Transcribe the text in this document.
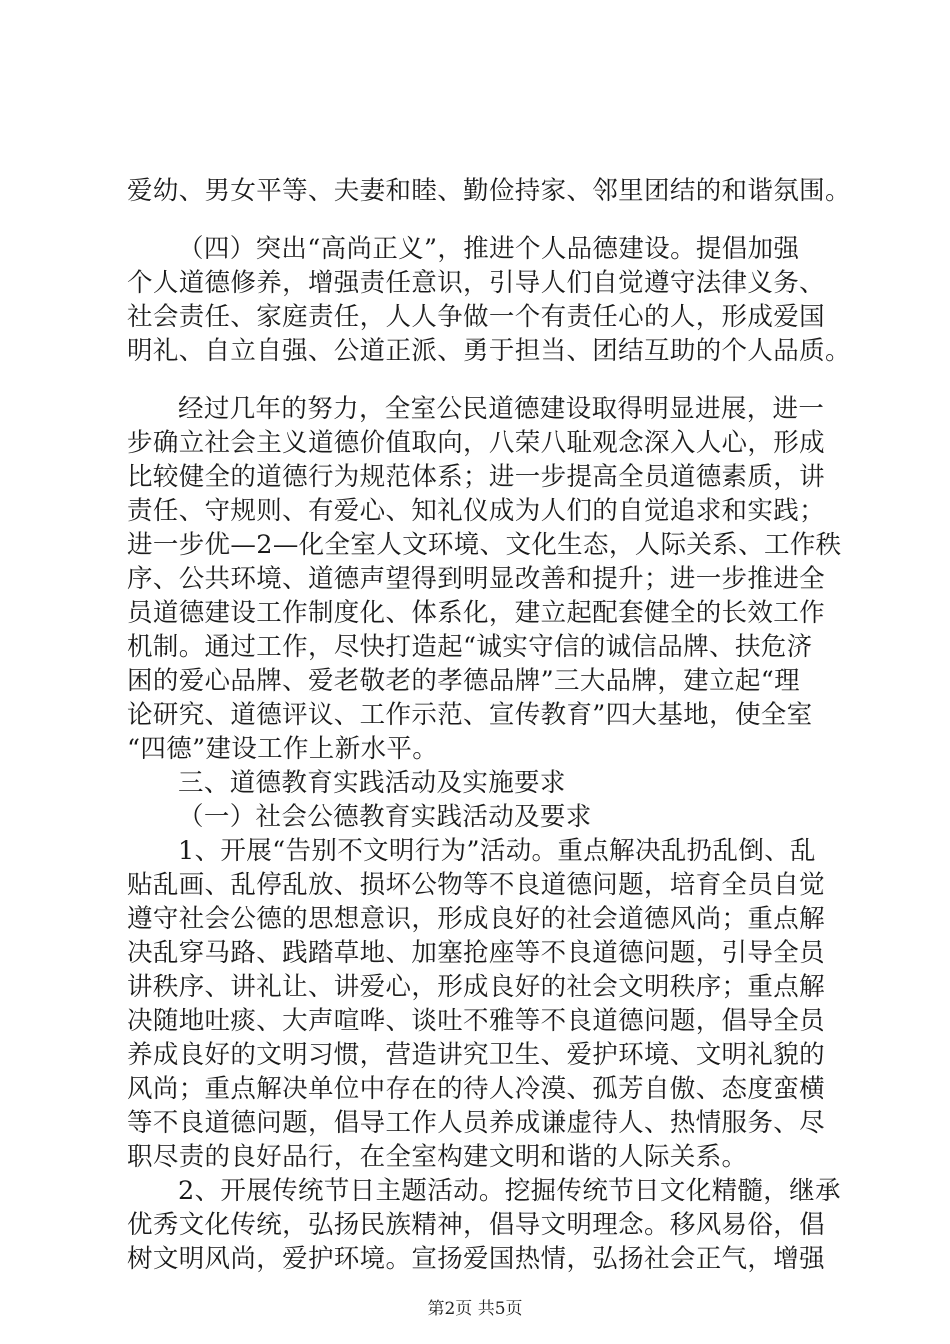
爱幼、男女平等、夫妻和睦、勤俭持家、邻里团结的和谐氛围。
（四）突出“高尚正义”，推进个人品德建设。提倡加强
个人道德修养，增强责任意识，引导人们自觉遵守法律义务、
社会责任、家庭责任，人人争做一个有责任心的人，形成爱国
明礼、自立自强、公道正派、勇于担当、团结互助的个人品质。
经过几年的努力，全室公民道德建设取得明显进展，进一
步确立社会主义道德价值取向，八荣八耻观念深入人心，形成
比较健全的道德行为规范体系；进一步提高全员道德素质，讲
责任、守规则、有爱心、知礼仪成为人们的自觉追求和实践；
进一步优—2—化全室人文环境、文化生态，人际关系、工作秩
序、公共环境、道德声望得到明显改善和提升；进一步推进全
员道德建设工作制度化、体系化，建立起配套健全的长效工作
机制。通过工作，尽快打造起“诚实守信的诚信品牌、扶危济
困的爱心品牌、爱老敬老的孝德品牌”三大品牌，建立起“理
论研究、道德评议、工作示范、宣传教育”四大基地，使全室
“四德”建设工作上新水平。
三、道德教育实践活动及实施要求
（一）社会公德教育实践活动及要求
1、开展“告别不文明行为”活动。重点解决乱扔乱倒、乱
贴乱画、乱停乱放、损坏公物等不良道德问题，培育全员自觉
遵守社会公德的思想意识，形成良好的社会道德风尚；重点解
决乱穿马路、践踏草地、加塞抢座等不良道德问题，引导全员
讲秩序、讲礼让、讲爱心，形成良好的社会文明秩序；重点解
决随地吐痰、大声喧哗、谈吐不雅等不良道德问题，倡导全员
养成良好的文明习惯，营造讲究卫生、爱护环境、文明礼貌的
风尚；重点解决单位中存在的待人冷漠、孤芳自傲、态度蛮横
等不良道德问题，倡导工作人员养成谦虚待人、热情服务、尽
职尽责的良好品行，在全室构建文明和谐的人际关系。
2、开展传统节日主题活动。挖掘传统节日文化精髓，继承
优秀文化传统，弘扬民族精神，倡导文明理念。移风易俗，倡
树文明风尚，爱护环境。宣扬爱国热情，弘扬社会正气，增强
第2页 共5页
